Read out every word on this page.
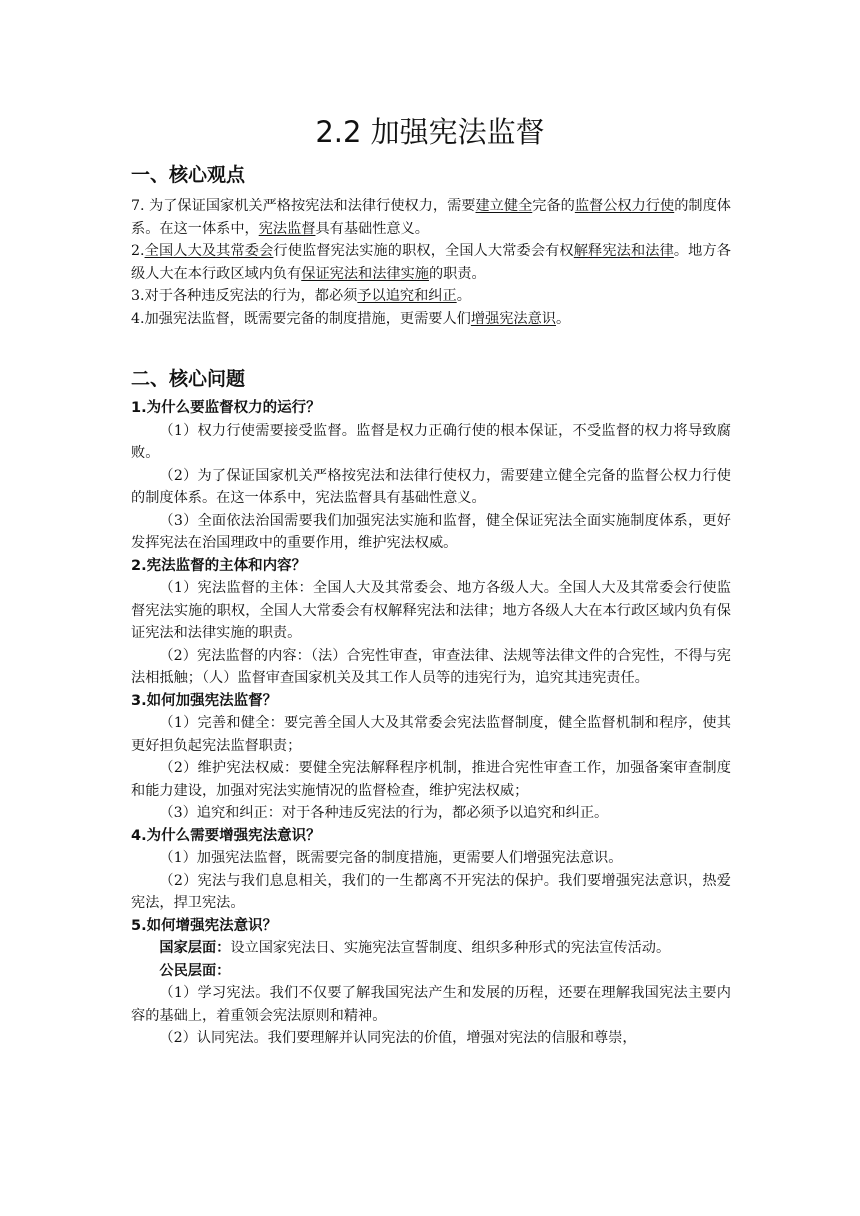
2.2 加强宪法监督
一、核心观点

7. 为了保证国家机关严格按宪法和法律行使权力，需要建立健全完备的监督公权力行使的制度体系。在这一体系中，宪法监督具有基础性意义。

2.全国人大及其常委会行使监督宪法实施的职权，全国人大常委会有权解释宪法和法律。地方各级人大在本行政区域内负有保证宪法和法律实施的职责。

3.对于各种违反宪法的行为，都必须予以追究和纠正。

4.加强宪法监督，既需要完备的制度措施，更需要人们增强宪法意识。

二、核心问题

1.为什么要监督权力的运行？

（1）权力行使需要接受监督。监督是权力正确行使的根本保证，不受监督的权力将导致腐败。

（2）为了保证国家机关严格按宪法和法律行使权力，需要建立健全完备的监督公权力行使的制度体系。在这一体系中，宪法监督具有基础性意义。

（3）全面依法治国需要我们加强宪法实施和监督，健全保证宪法全面实施制度体系，更好发挥宪法在治国理政中的重要作用，维护宪法权威。

2.宪法监督的主体和内容？

（1）宪法监督的主体：全国人大及其常委会、地方各级人大。全国人大及其常委会行使监督宪法实施的职权，全国人大常委会有权解释宪法和法律；地方各级人大在本行政区域内负有保证宪法和法律实施的职责。

（2）宪法监督的内容：（法）合宪性审查，审查法律、法规等法律文件的合宪性，不得与宪法相抵触；（人）监督审查国家机关及其工作人员等的违宪行为，追究其违宪责任。

3.如何加强宪法监督？

（1）完善和健全：要完善全国人大及其常委会宪法监督制度，健全监督机制和程序，使其更好担负起宪法监督职责；

（2）维护宪法权威：要健全宪法解释程序机制，推进合宪性审查工作，加强备案审查制度和能力建设，加强对宪法实施情况的监督检查，维护宪法权威；

（3）追究和纠正：对于各种违反宪法的行为，都必须予以追究和纠正。

4.为什么需要增强宪法意识？

（1）加强宪法监督，既需要完备的制度措施，更需要人们增强宪法意识。

（2）宪法与我们息息相关，我们的一生都离不开宪法的保护。我们要增强宪法意识，热爱宪法，捍卫宪法。

5.如何增强宪法意识？

国家层面：设立国家宪法日、实施宪法宣誓制度、组织多种形式的宪法宣传活动。

公民层面：

（1）学习宪法。我们不仅要了解我国宪法产生和发展的历程，还要在理解我国宪法主要内容的基础上，着重领会宪法原则和精神。

（2）认同宪法。我们要理解并认同宪法的价值，增强对宪法的信服和尊崇，
